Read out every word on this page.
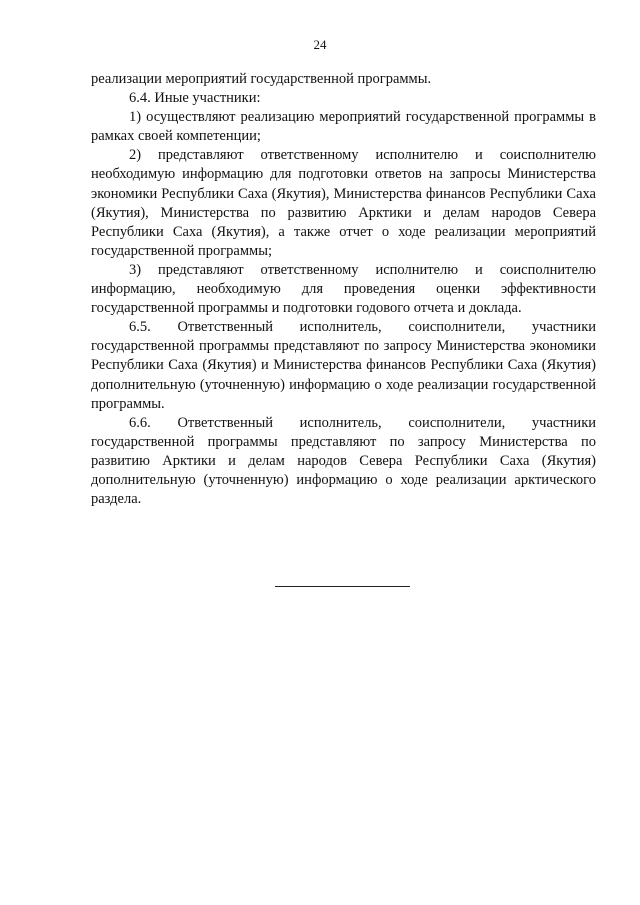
24

реализации мероприятий государственной программы.

6.4. Иные участники:

1) осуществляют реализацию мероприятий государственной программы в рамках своей компетенции;

2) представляют ответственному исполнителю и соисполнителю необходимую информацию для подготовки ответов на запросы Министерства экономики Республики Саха (Якутия), Министерства финансов Республики Саха (Якутия), Министерства по развитию Арктики и делам народов Севера Республики Саха (Якутия), а также отчет о ходе реализации мероприятий государственной программы;

3) представляют ответственному исполнителю и соисполнителю информацию, необходимую для проведения оценки эффективности государственной программы и подготовки годового отчета и доклада.

6.5. Ответственный исполнитель, соисполнители, участники государственной программы представляют по запросу Министерства экономики Республики Саха (Якутия) и Министерства финансов Республики Саха (Якутия) дополнительную (уточненную) информацию о ходе реализации государственной программы.

6.6. Ответственный исполнитель, соисполнители, участники государственной программы представляют по запросу Министерства по развитию Арктики и делам народов Севера Республики Саха (Якутия) дополнительную (уточненную) информацию о ходе реализации арктического раздела.
